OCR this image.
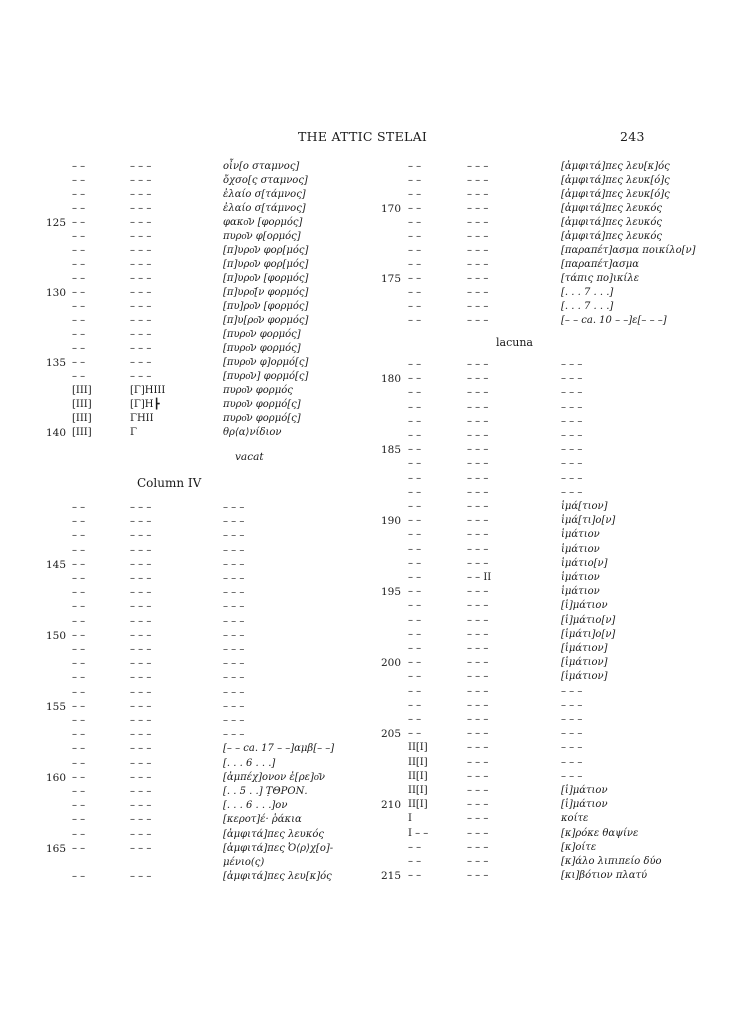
THE ATTIC STELAI	243
vacat
Column IV
lacuna
– –	– – –	οἶν[ο σταμνος]
– –	– – –	ὄχσο[ς σταμνος]
– –	– – –	ἐλαίο σ[τάμνος]
– –	– – –	ἐλαίο σ[τάμνος]
125 – –	– – –	φακο͂ν [φορμός]
– –	– – –	πυρο͂ν φ[ορμός]
– –	– – –	[π]υρο͂ν φορ[μός]
– –	– – –	[π]υρο͂ν φορ[μός]
– –	– – –	[π]υρο͂ν [φορμός]
130 – –	– – –	[π]υρο͂[ν φορμός]
– –	– – –	[πυ]ρο͂ν [φορμός]
– –	– – –	[π]υ[ρο͂ν φορμός]
– –	– – –	[πυρο͂ν φορμός]
– –	– – –	[πυρο͂ν φορμός]
135 – –	– – –	[πυρο͂ν φ]ορμό[ς]
– –	– – –	[πυρο͂ν] φορμό[ς]
[ΙΙΙ]	[Γ]ΗΙΙΙ	πυρο͂ν φορμός
[ΙΙΙ]	[Γ]Η┣	πυρο͂ν φορμό[ς]
[ΙΙΙ]	ΓΗΙΙ	πυρο͂ν φορμό[ς]
140 [ΙΙΙ]	Γ	θρ⟨α⟩νίδιον
– –	– – –	– – –
– –	– – –	– – –
– –	– – –	– – –
– –	– – –	– – –
145 – –	– – –	– – –
– –	– – –	– – –
– –	– – –	– – –
– –	– – –	– – –
– –	– – –	– – –
150 – –	– – –	– – –
– –	– – –	– – –
– –	– – –	– – –
– –	– – –	– – –
– –	– – –	– – –
155 – –	– – –	– – –
– –	– – –	– – –
– –	– – –	– – –
– –	– – –	[– – ca. 17 – –]αμβ[– –]
– –	– – –	[. . . 6 . . .]
160 – –	– – –	[ἀμπέχ]ονον ἐ[ρε]ο͂ν
– –	– – –	[. . 5 . .] ṬΘΡΟΝ.
– –	– – –	[. . . 6 . . .]ον
– –	– – –	[κεροτ]έ· ῥάκια
– –	– – –	[ἀμφιτά]πες λευκός
165 – –	– – –	[ἀμφιτά]πες Ὀ⟨ρ⟩χ[ο]-
μένιο(ς)
– –	– – –	[ἀμφιτά]πες λευ[κ]ός
– –	– – –	[ἀμφιτά]πες λευ[κ]ός
– –	– – –	[ἀμφιτά]πες λευκ[ό]ς
– –	– – –	[ἀμφιτά]πες λευκ[ό]ς
170 – –	– – –	[ἀμφιτά]πες λευκός
– –	– – –	[ἀμφιτά]πες λευκός
– –	– – –	[ἀμφιτά]πες λευκός
– –	– – –	[παραπέτ]ασμα ποικίλο[ν]
– –	– – –	[παραπέτ]ασμα
175 – –	– – –	[τάπις πο]ικίλε
– –	– – –	[. . . 7 . . .]
– –	– – –	[. . . 7 . . .]
– –	– – –	[– – ca. 10 – –]ε[– – –]
– –	– – –	– – –
180 – –	– – –	– – –
– –	– – –	– – –
– –	– – –	– – –
– –	– – –	– – –
– –	– – –	– – –
185 – –	– – –	– – –
– –	– – –	– – –
– –	– – –	– – –
– –	– – –	– – –
– –	– – –	ἱμά[τιον]
190 – –	– – –	ἱμά[τι]ο[ν]
– –	– – –	ἱμάτιον
– –	– – –	ἱμάτιον
– –	– – –	ἱμάτιο[ν]
– –	– – ΙΙ	ἱμάτιον
195 – –	– – –	ἱμάτιον
– –	– – –	[ἱ]μάτιον
– –	– – –	[ἱ]μάτιο[ν]
– –	– – –	[ἱμάτι]ο[ν]
– –	– – –	[ἱμάτιον]
200 – –	– – –	[ἱμάτιον]
– –	– – –	[ἱμάτιον]
– –	– – –	– – –
– –	– – –	– – –
– –	– – –	– – –
205 – –	– – –	– – –
ΙΙ[Ι]	– – –	– – –
ΙΙ[Ι]	– – –	– – –
ΙΙ[Ι]	– – –	– – –
ΙΙ[Ι]	– – –	[ἱ]μάτιον
210 ΙΙ[Ι]	– – –	[ἱ]μάτιον
Ι	– – –	κοίτε
Ι – –	– – –	[κ]ρόκε θαψίνε
– –	– – –	[κ]οίτε
– –	– – –	[κ]άλο λιπιπείο δύο
215 – –	– – –	[κι]βότιον πλατύ
